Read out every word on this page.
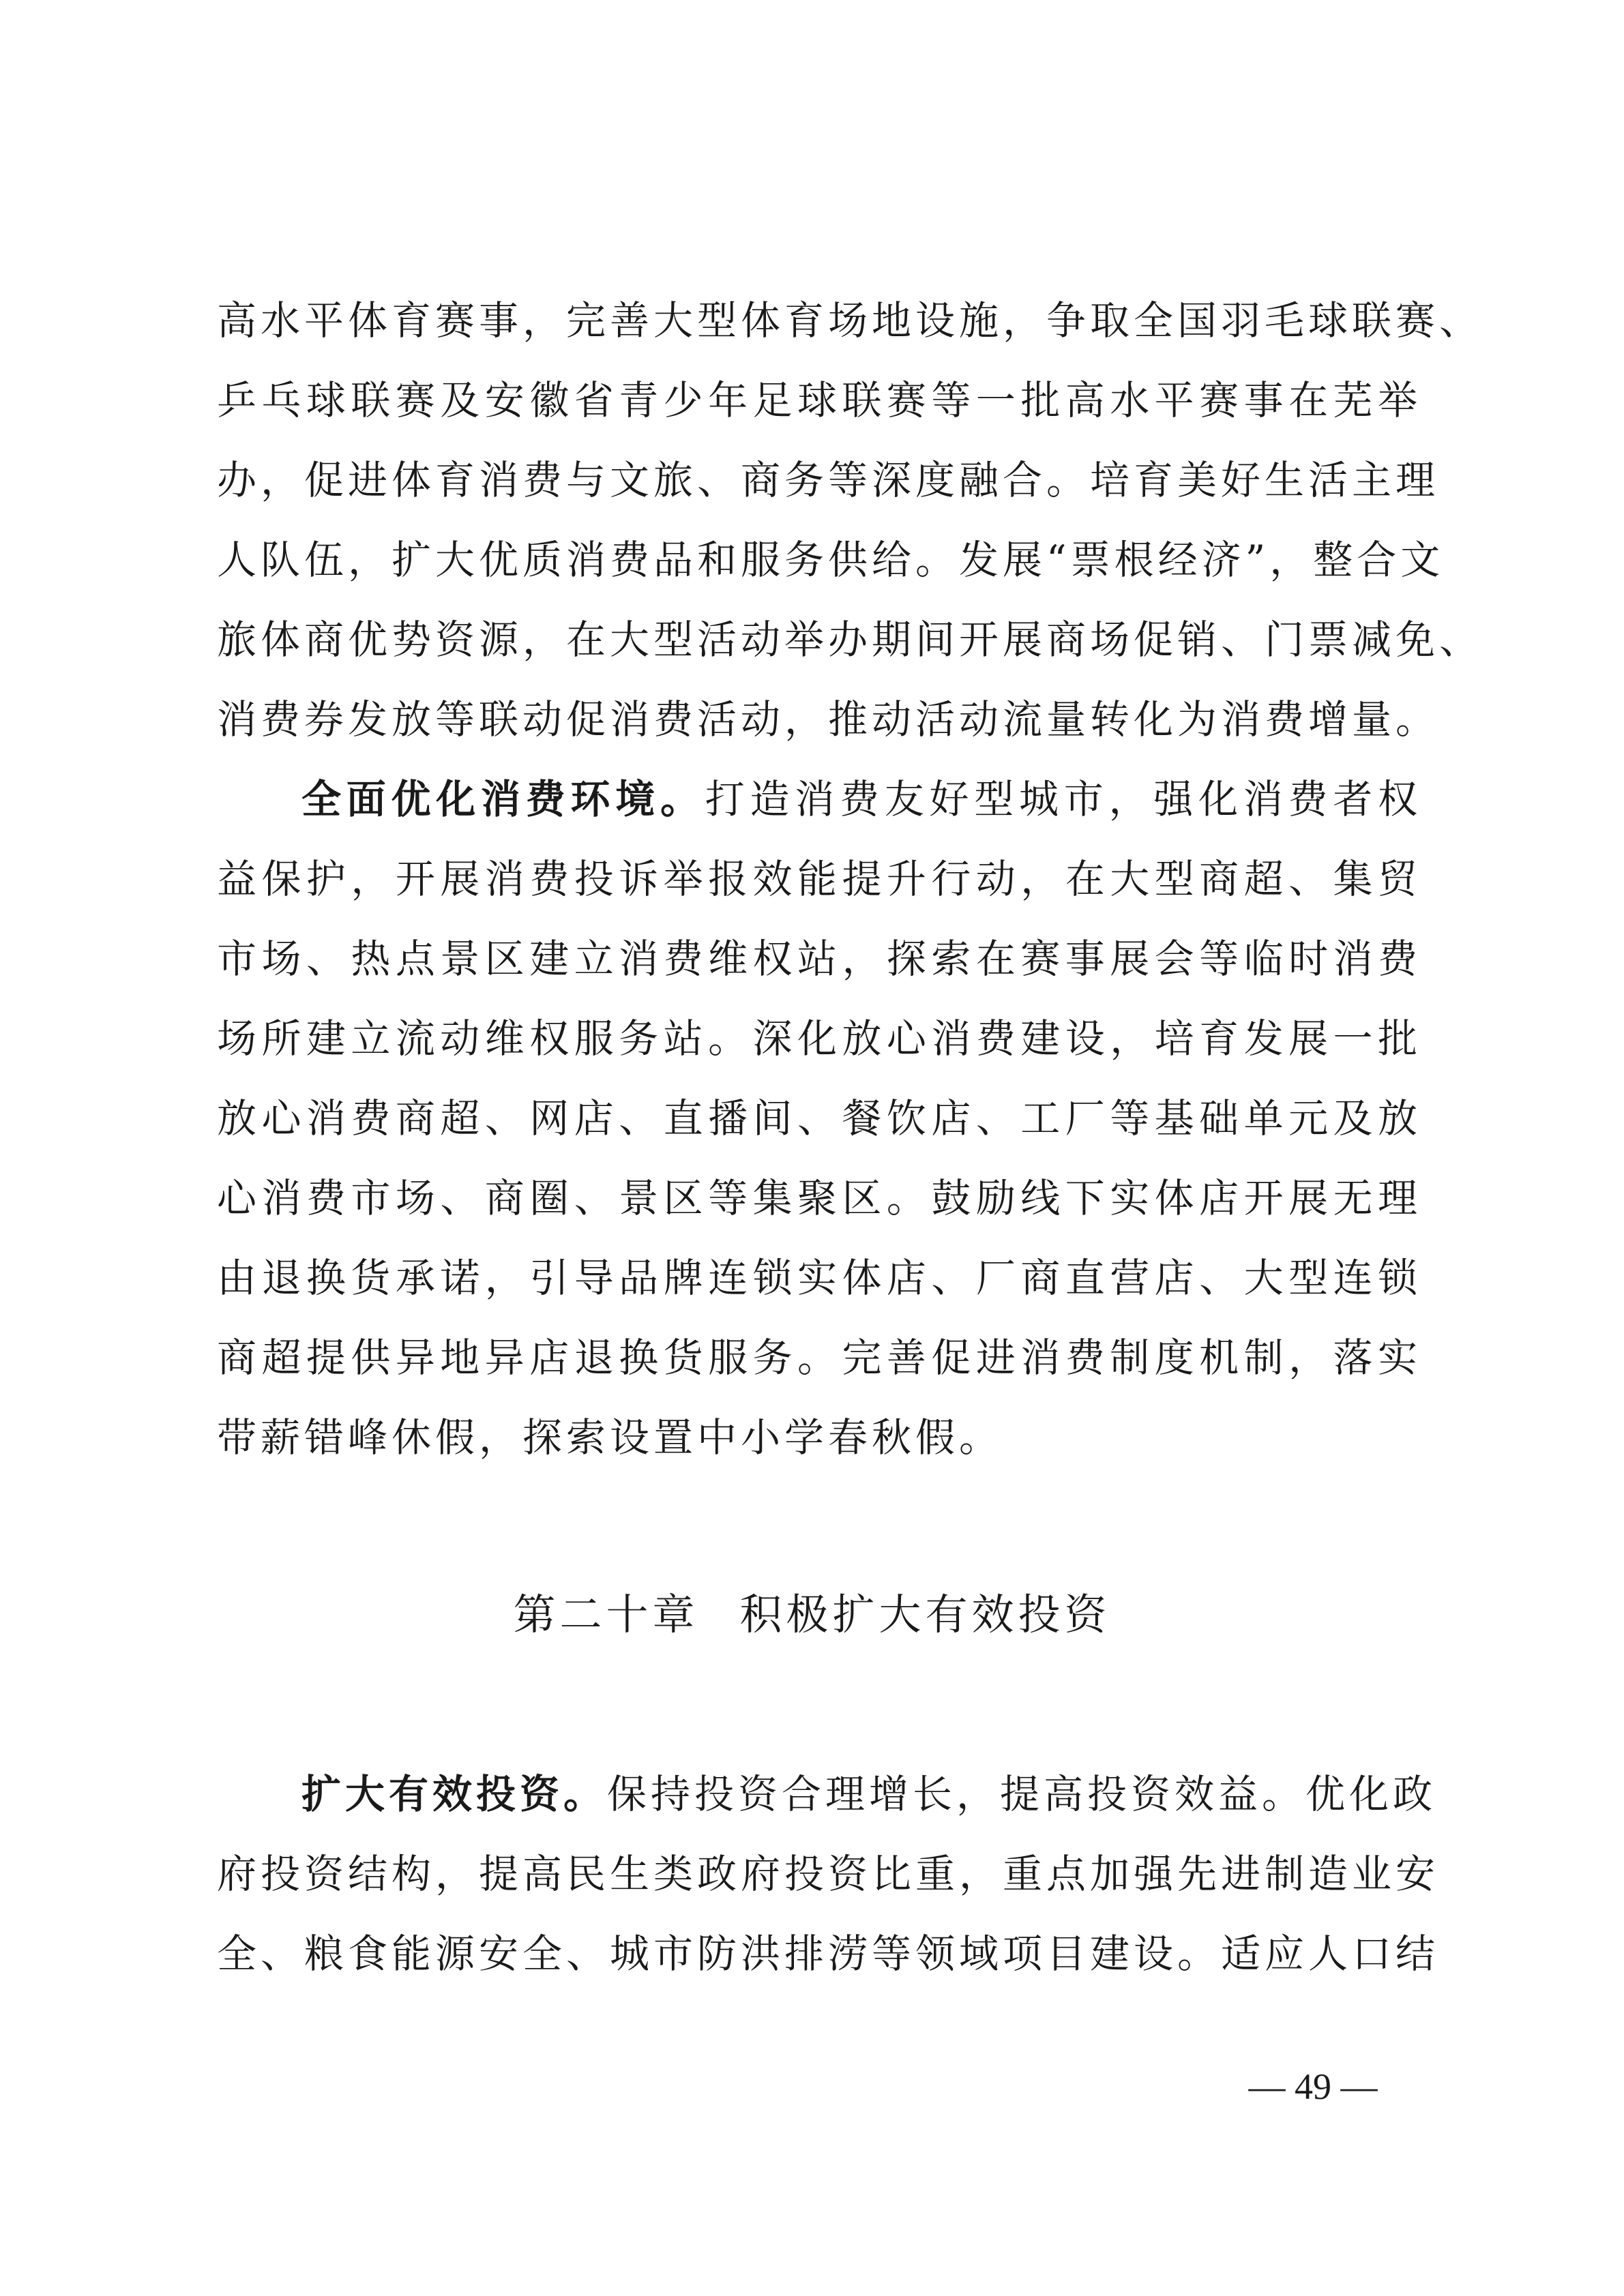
高水平体育赛事，完善大型体育场地设施，争取全国羽毛球联赛、
乒乓球联赛及安徽省青少年足球联赛等一批高水平赛事在芜举
办，促进体育消费与文旅、商务等深度融合。培育美好生活主理
人队伍，扩大优质消费品和服务供给。发展“票根经济”，整合文
旅体商优势资源，在大型活动举办期间开展商场促销、门票减免、
消费券发放等联动促消费活动，推动活动流量转化为消费增量。
全面优化消费环境。打造消费友好型城市，强化消费者权
益保护，开展消费投诉举报效能提升行动，在大型商超、集贸
市场、热点景区建立消费维权站，探索在赛事展会等临时消费
场所建立流动维权服务站。深化放心消费建设，培育发展一批
放心消费商超、网店、直播间、餐饮店、工厂等基础单元及放
心消费市场、商圈、景区等集聚区。鼓励线下实体店开展无理
由退换货承诺，引导品牌连锁实体店、厂商直营店、大型连锁
商超提供异地异店退换货服务。完善促进消费制度机制，落实
带薪错峰休假，探索设置中小学春秋假。
第二十章 积极扩大有效投资
扩大有效投资。保持投资合理增长，提高投资效益。优化政
府投资结构，提高民生类政府投资比重，重点加强先进制造业安
全、粮食能源安全、城市防洪排涝等领域项目建设。适应人口结
— 49 —
